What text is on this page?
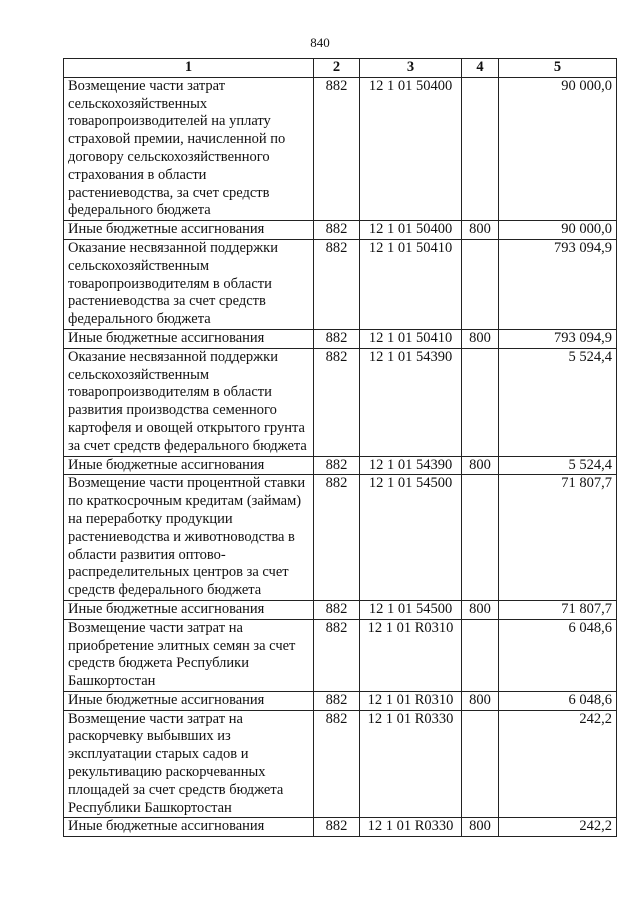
840
1	2	3	4	5
Возмещение части затрат сельскохозяйственных товаропроизводителей на уплату страховой премии, начисленной по договору сельскохозяйственного страхования в области растениеводства, за счет средств федерального бюджета	882	12 1 01 50400		90 000,0
Иные бюджетные ассигнования	882	12 1 01 50400	800	90 000,0
Оказание несвязанной поддержки сельскохозяйственным товаропроизводителям в области растениеводства за счет средств федерального бюджета	882	12 1 01 50410		793 094,9
Иные бюджетные ассигнования	882	12 1 01 50410	800	793 094,9
Оказание несвязанной поддержки сельскохозяйственным товаропроизводителям в области развития производства семенного картофеля и овощей открытого грунта за счет средств федерального бюджета	882	12 1 01 54390		5 524,4
Иные бюджетные ассигнования	882	12 1 01 54390	800	5 524,4
Возмещение части процентной ставки по краткосрочным кредитам (займам) на переработку продукции растениеводства и животноводства в области развития оптово-распределительных центров за счет средств федерального бюджета	882	12 1 01 54500		71 807,7
Иные бюджетные ассигнования	882	12 1 01 54500	800	71 807,7
Возмещение части затрат на приобретение элитных семян за счет средств бюджета Республики Башкортостан	882	12 1 01 R0310		6 048,6
Иные бюджетные ассигнования	882	12 1 01 R0310	800	6 048,6
Возмещение части затрат на раскорчевку выбывших из эксплуатации старых садов и рекультивацию раскорчеванных площадей за счет средств бюджета Республики Башкортостан	882	12 1 01 R0330		242,2
Иные бюджетные ассигнования	882	12 1 01 R0330	800	242,2
